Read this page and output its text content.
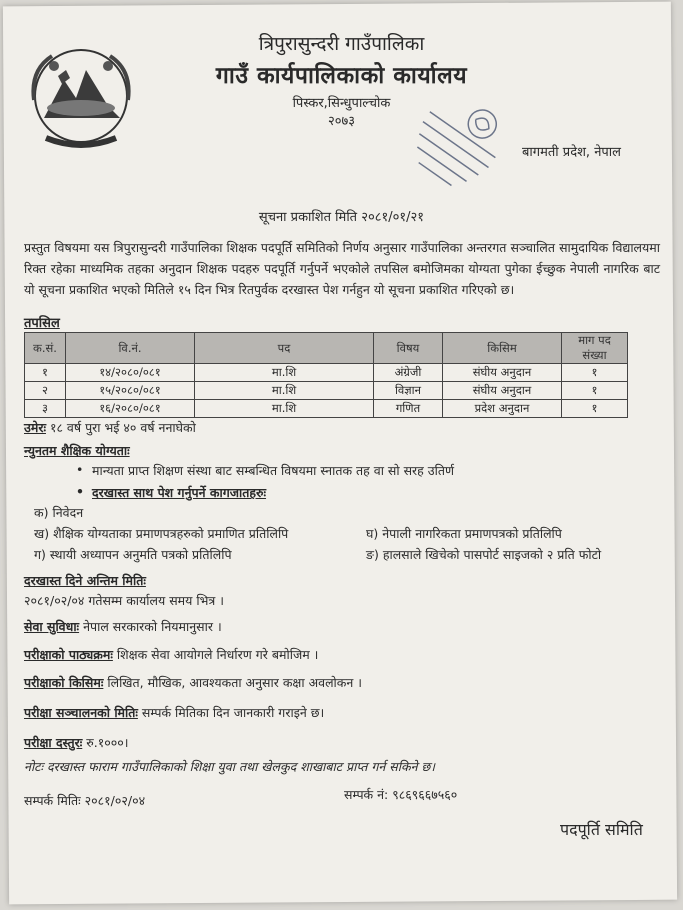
त्रिपुरासुन्दरी गाउँपालिका
गाउँ कार्यपालिकाको कार्यालय
पिस्कर,सिन्धुपाल्चोक
२०७३
बागमती प्रदेश, नेपाल
सूचना प्रकाशित मिति २०८१/०१/२१
प्रस्तुत विषयमा यस त्रिपुरासुन्दरी गाउँपालिका शिक्षक पदपूर्ति समितिको निर्णय अनुसार गाउँपालिका अन्तरगत सञ्चालित सामुदायिक विद्यालयमा रिक्त रहेका माध्यमिक तहका अनुदान शिक्षक पदहरु पदपूर्ति गर्नुपर्ने भएकोले तपसिल बमोजिमका योग्यता पुगेका ईच्छुक नेपाली नागरिक बाट यो सूचना प्रकाशित भएको मितिले १५ दिन भित्र रितपुर्वक दरखास्त पेश गर्नहुन यो सूचना प्रकाशित गरिएको छ।
तपसिल
क.सं.	वि.नं.	पद	विषय	किसिम	माग पद संख्या
१	१४/२०८०/०८१	मा.शि	अंग्रेजी	संघीय अनुदान	१
२	१५/२०८०/०८१	मा.शि	विज्ञान	संघीय अनुदान	१
३	१६/२०८०/०८१	मा.शि	गणित	प्रदेश अनुदान	१
उमेरः १८ वर्ष पुरा भई ४० वर्ष ननाघेको
न्युनतम शैक्षिक योग्यताः
• मान्यता प्राप्त शिक्षण संस्था बाट सम्बन्धित विषयमा स्नातक तह वा सो सरह उतिर्ण
• दरखास्त साथ पेश गर्नुपर्ने कागजातहरुः
क) निवेदन
ख) शैक्षिक योग्यताका प्रमाणपत्रहरुको प्रमाणित प्रतिलिपि	घ) नेपाली नागरिकता प्रमाणपत्रको प्रतिलिपि
ग) स्थायी अध्यापन अनुमति पत्रको प्रतिलिपि	ङ) हालसाले खिचेको पासपोर्ट साइजको २ प्रति फोटो
दरखास्त दिने अन्तिम मितिः
२०८१/०२/०४ गतेसम्म कार्यालय समय भित्र ।
सेवा सुविधाः नेपाल सरकारको नियमानुसार ।
परीक्षाको पाठ्यक्रमः शिक्षक सेवा आयोगले निर्धारण गरे बमोजिम ।
परीक्षाको किसिमः लिखित, मौखिक, आवश्यकता अनुसार कक्षा अवलोकन ।
परीक्षा सञ्चालनको मितिः सम्पर्क मितिका दिन जानकारी गराइने छ।
परीक्षा दस्तुरः रु.१०००।
नोटः दरखास्त फाराम गाउँपालिकाको शिक्षा युवा तथा खेलकुद शाखाबाट प्राप्त गर्न सकिने छ।
सम्पर्क मितिः २०८१/०२/०४	सम्पर्क नं: ९८६९६६७५६०
पदपूर्ति समिति
